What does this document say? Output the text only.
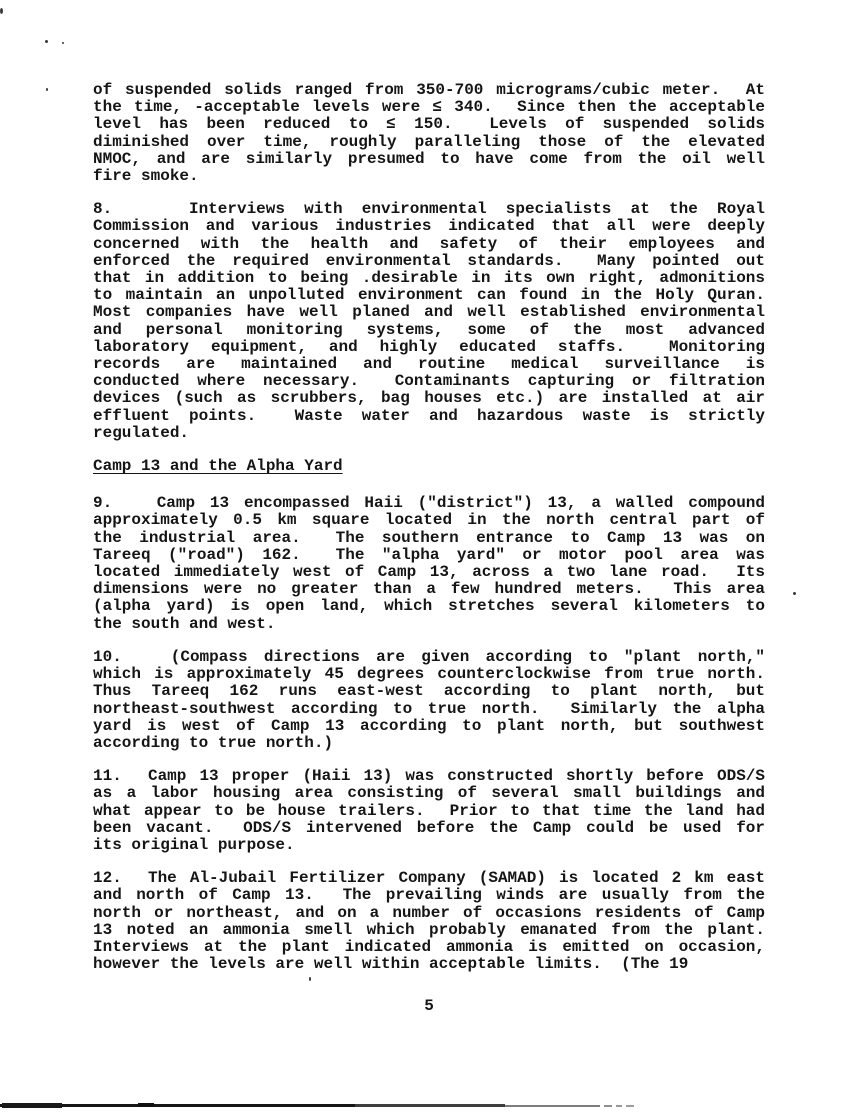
of suspended solids ranged from 350-700 micrograms/cubic meter.  At
the time, -acceptable levels were ≤ 340.  Since then the acceptable
level has been reduced to ≤ 150.  Levels of suspended solids
diminished over time, roughly paralleling those of the elevated
NMOC, and are similarly presumed to have come from the oil well
fire smoke.
8.    Interviews with environmental specialists at the Royal
Commission and various industries indicated that all were deeply
concerned with the health and safety of their employees and
enforced the required environmental standards.  Many pointed out
that in addition to being .desirable in its own right, admonitions
to maintain an unpolluted environment can found in the Holy Quran.
Most companies have well planed and well established environmental
and personal monitoring systems, some of the most advanced
laboratory equipment, and highly educated staffs.  Monitoring
records are maintained and routine medical surveillance is
conducted where necessary.  Contaminants capturing or filtration
devices (such as scrubbers, bag houses etc.) are installed at air
effluent points.  Waste water and hazardous waste is strictly
regulated.
Camp 13 and the Alpha Yard
9.   Camp 13 encompassed Haii ("district") 13, a walled compound
approximately 0.5 km square located in the north central part of
the industrial area.  The southern entrance to Camp 13 was on
Tareeq ("road") 162.  The "alpha yard" or motor pool area was
located immediately west of Camp 13, across a two lane road.  Its
dimensions were no greater than a few hundred meters.  This area
(alpha yard) is open land, which stretches several kilometers to
the south and west.
10.   (Compass directions are given according to "plant north,"
which is approximately 45 degrees counterclockwise from true north.
Thus Tareeq 162 runs east-west according to plant north, but
northeast-southwest according to true north.  Similarly the alpha
yard is west of Camp 13 according to plant north, but southwest
according to true north.)
11.  Camp 13 proper (Haii 13) was constructed shortly before ODS/S
as a labor housing area consisting of several small buildings and
what appear to be house trailers.  Prior to that time the land had
been vacant.  ODS/S intervened before the Camp could be used for
its original purpose.
12.  The Al-Jubail Fertilizer Company (SAMAD) is located 2 km east
and north of Camp 13.  The prevailing winds are usually from the
north or northeast, and on a number of occasions residents of Camp
13 noted an ammonia smell which probably emanated from the plant.
Interviews at the plant indicated ammonia is emitted on occasion,
however the levels are well within acceptable limits.  (The 19
5
